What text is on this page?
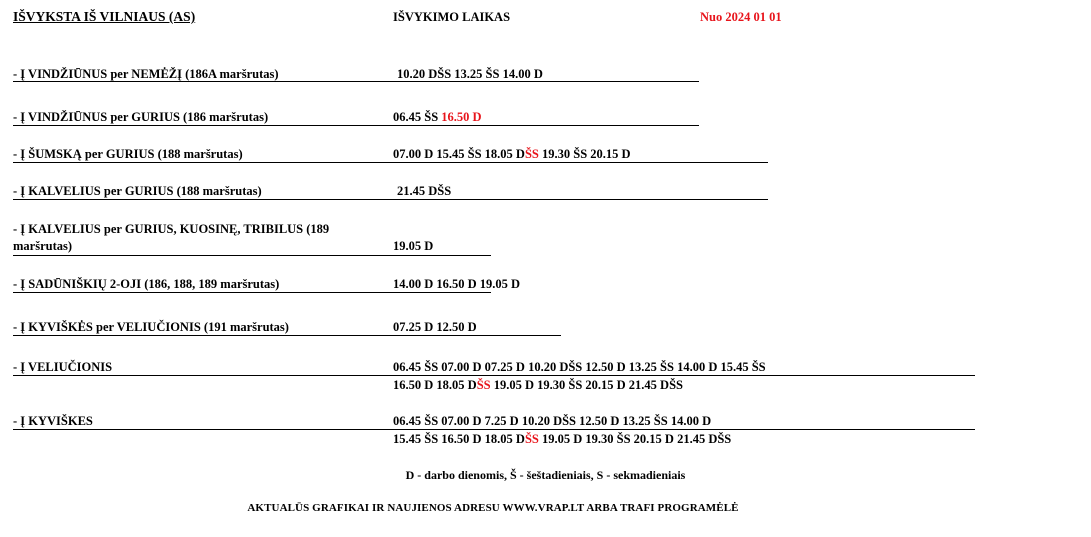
IŠVYKSTA IŠ VILNIAUS (AS)	IŠVYKIMO LAIKAS	Nuo 2024 01 01
- Į VINDŽIŪNUS per NEMĖŽĮ (186A maršrutas)	10.20 DŠS 13.25 ŠS 14.00 D
- Į VINDŽIŪNUS per GURIUS (186 maršrutas)	06.45 ŠS 16.50 D
- Į ŠUMSKĄ per GURIUS (188 maršrutas)	07.00 D 15.45 ŠS 18.05 DŠS 19.30 ŠS 20.15 D
- Į KALVELIUS per GURIUS (188 maršrutas)	21.45 DŠS
- Į KALVELIUS per GURIUS, KUOSINĘ, TRIBILUS (189
maršrutas)	19.05 D
- Į SADŪNIŠKIŲ 2-OJI (186, 188, 189 maršrutas)	14.00 D 16.50 D 19.05 D
- Į KYVIŠKĖS per VELIUČIONIS (191 maršrutas)	07.25 D 12.50 D
- Į VELIUČIONIS	06.45 ŠS 07.00 D 07.25 D 10.20 DŠS 12.50 D 13.25 ŠS 14.00 D 15.45 ŠS
16.50 D 18.05 DŠS 19.05 D 19.30 ŠS 20.15 D 21.45 DŠS
- Į KYVIŠKES	06.45 ŠS 07.00 D 7.25 D 10.20 DŠS 12.50 D 13.25 ŠS 14.00 D
15.45 ŠS 16.50 D 18.05 DŠS 19.05 D 19.30 ŠS 20.15 D 21.45 DŠS
D - darbo dienomis, Š - šeštadieniais, S - sekmadieniais
AKTUALŪS GRAFIKAI IR NAUJIENOS ADRESU WWW.VRAP.LT ARBA TRAFI PROGRAMĖLĖ
